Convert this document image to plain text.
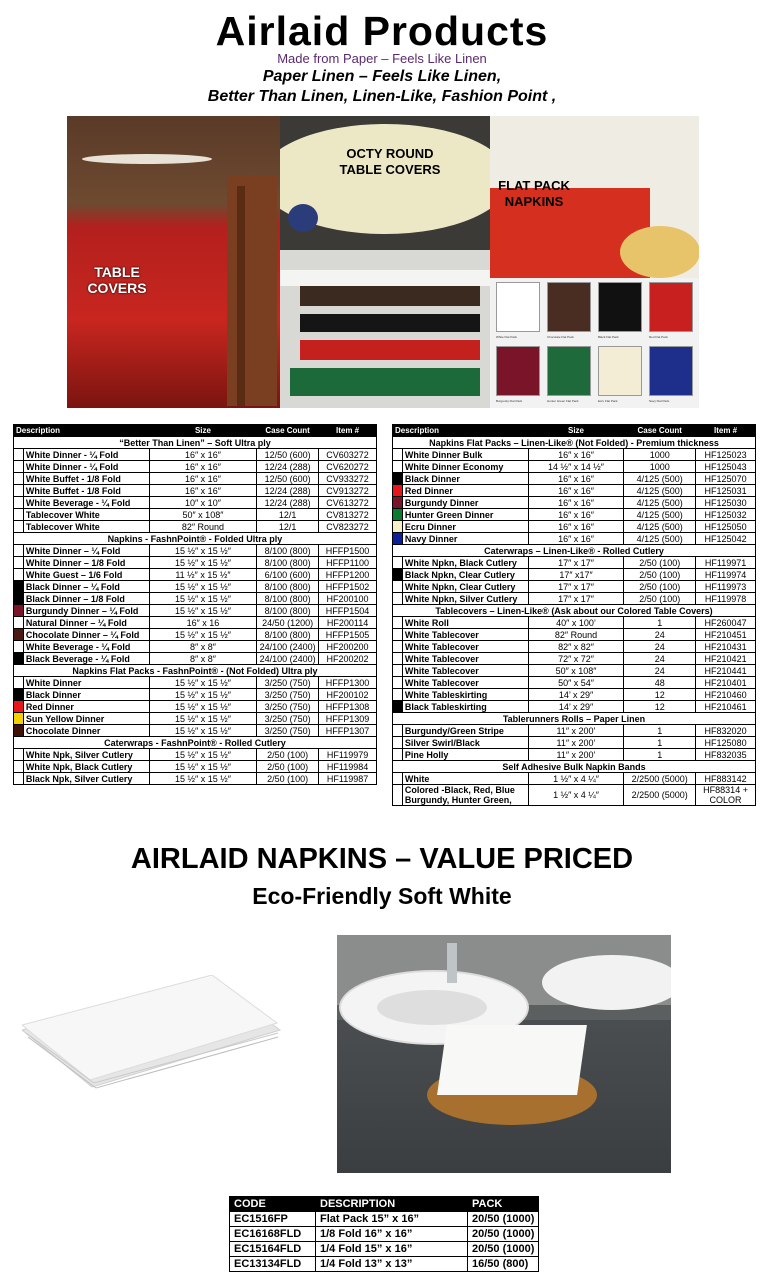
Airlaid Products
Made from Paper – Feels Like Linen
Paper Linen – Feels Like Linen,
Better Than Linen, Linen-Like, Fashion Point ,
TABLE
COVERS
OCTY ROUND
TABLE COVERS
FLAT PACK
NAPKINS
White Flat Pack	Chocolate Flat Pack	Black Flat Pack	Red Flat Pack
Burgundy Flat Pack	Hunter Green Flat Pack	Ecru Flat Pack	Navy Flat Pack
Description		Size	Case Count	Item #
“Better Than Linen” – Soft Ultra ply				
	White Dinner - ¼ Fold	16″ x 16″	12/50 (600)	CV603272
	White Dinner - ¼ Fold	16″ x 16″	12/24 (288)	CV620272
	White Buffet - 1/8 Fold	16″ x 16″	12/50 (600)	CV933272
	White Buffet - 1/8 Fold	16″ x 16″	12/24 (288)	CV913272
	White Beverage - ¼ Fold	10″ x 10″	12/24 (288)	CV613272
	Tablecover White	50″ x 108″	12/1	CV813272
	Tablecover White	82″ Round	12/1	CV823272
Napkins - FashnPoint® - Folded Ultra ply				
	White Dinner – ¼ Fold	15 ½″ x 15 ½″	8/100 (800)	HFFP1500
	White Dinner – 1/8 Fold	15 ½″ x 15 ½″	8/100 (800)	HFFP1100
	White Guest – 1/6 Fold	11 ½″ x 15 ½″	6/100 (600)	HFFP1200
	Black Dinner – ¼ Fold	15 ½″ x 15 ½″	8/100 (800)	HFFP1502
	Black Dinner – 1/8 Fold	15 ½″ x 15 ½″	8/100 (800)	HF200100
	Burgundy Dinner – ¼ Fold	15 ½″ x 15 ½″	8/100 (800)	HFFP1504
	Natural Dinner – ¼ Fold	16″ x 16	24/50 (1200)	HF200114
	Chocolate Dinner – ¼ Fold	15 ½″ x 15 ½″	8/100 (800)	HFFP1505
	White Beverage - ¼ Fold	8″ x 8″	24/100 (2400)	HF200200
	Black Beverage - ¼ Fold	8″ x 8″	24/100 (2400)	HF200202
Napkins Flat Packs - FashnPoint® - (Not Folded) Ultra ply				
	White Dinner	15 ½″ x 15 ½″	3/250 (750)	HFFP1300
	Black Dinner	15 ½″ x 15 ½″	3/250 (750)	HF200102
	Red Dinner	15 ½″ x 15 ½″	3/250 (750)	HFFP1308
	Sun Yellow Dinner	15 ½″ x 15 ½″	3/250 (750)	HFFP1309
	Chocolate Dinner	15 ½″ x 15 ½″	3/250 (750)	HFFP1307
Caterwraps - FashnPoint® - Rolled Cutlery				
	White Npk, Silver Cutlery	15 ½″ x 15 ½″	2/50 (100)	HF119979
	White Npk, Black Cutlery	15 ½″ x 15 ½″	2/50 (100)	HF119984
	Black Npk, Silver Cutlery	15 ½″ x 15 ½″	2/50 (100)	HF119987
Description		Size	Case Count	Item #
Napkins Flat Packs – Linen-Like® (Not Folded) - Premium thickness				
	White Dinner Bulk	16″ x 16″	1000	HF125023
	White Dinner Economy	14 ½″ x 14 ½″	1000	HF125043
	Black Dinner	16″ x 16″	4/125 (500)	HF125070
	Red Dinner	16″ x 16″	4/125 (500)	HF125031
	Burgundy Dinner	16″ x 16″	4/125 (500)	HF125030
	Hunter Green Dinner	16″ x 16″	4/125 (500)	HF125032
	Ecru Dinner	16″ x 16″	4/125 (500)	HF125050
	Navy Dinner	16″ x 16″	4/125 (500)	HF125042
Caterwraps – Linen-Like® - Rolled Cutlery				
	White Npkn, Black Cutlery	17″ x 17″	2/50 (100)	HF119971
	Black Npkn, Clear Cutlery	17″ x17″	2/50 (100)	HF119974
	White Npkn, Clear Cutlery	17″ x 17″	2/50 (100)	HF119973
	White Npkn, Silver Cutlery	17″ x 17″	2/50 (100)	HF119978
Tablecovers – Linen-Like® (Ask about our Colored Table Covers)				
	White Roll	40″ x 100’	1	HF260047
	White Tablecover	82″ Round	24	HF210451
	White Tablecover	82″ x 82″	24	HF210431
	White Tablecover	72″ x 72″	24	HF210421
	White Tablecover	50″ x 108″	24	HF210441
	White Tablecover	50″ x 54″	48	HF210401
	White Tableskirting	14’ x 29″	12	HF210460
	Black Tableskirting	14’ x 29″	12	HF210461
Tablerunners Rolls – Paper Linen				
	Burgundy/Green Stripe	11″ x 200’	1	HF832020
	Silver Swirl/Black	11″ x 200’	1	HF125080
	Pine Holly	11″ x 200’	1	HF832035
Self Adhesive Bulk Napkin Bands				
	White	1 ½″ x 4 ¼″	2/2500 (5000)	HF883142
	Colored -Black, Red, Blue Burgundy, Hunter Green,	1 ½″ x 4 ¼″	2/2500 (5000)	HF88314 + COLOR
AIRLAID NAPKINS – VALUE PRICED
Eco-Friendly Soft White
CODE	DESCRIPTION	PACK
EC1516FP	Flat Pack 15” x 16”	20/50 (1000)
EC16168FLD	1/8 Fold 16” x 16”	20/50 (1000)
EC15164FLD	1/4 Fold 15” x 16”	20/50 (1000)
EC13134FLD	1/4 Fold 13” x 13”	16/50 (800)
